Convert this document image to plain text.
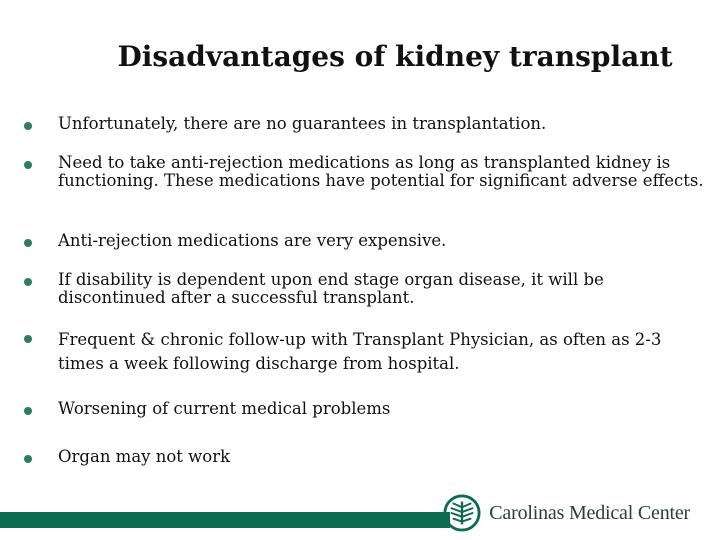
Disadvantages of kidney transplant
Unfortunately, there are no guarantees in transplantation.
Need to take anti-rejection medications as long as transplanted kidney is functioning. These medications have potential for significant adverse effects.
Anti-rejection medications are very expensive.
If disability is dependent upon end stage organ disease, it will be discontinued after a successful transplant.
Frequent & chronic follow-up with Transplant Physician, as often as 2-3 times a week following discharge from hospital.
Worsening of current medical problems
Organ may not work
Carolinas Medical Center
